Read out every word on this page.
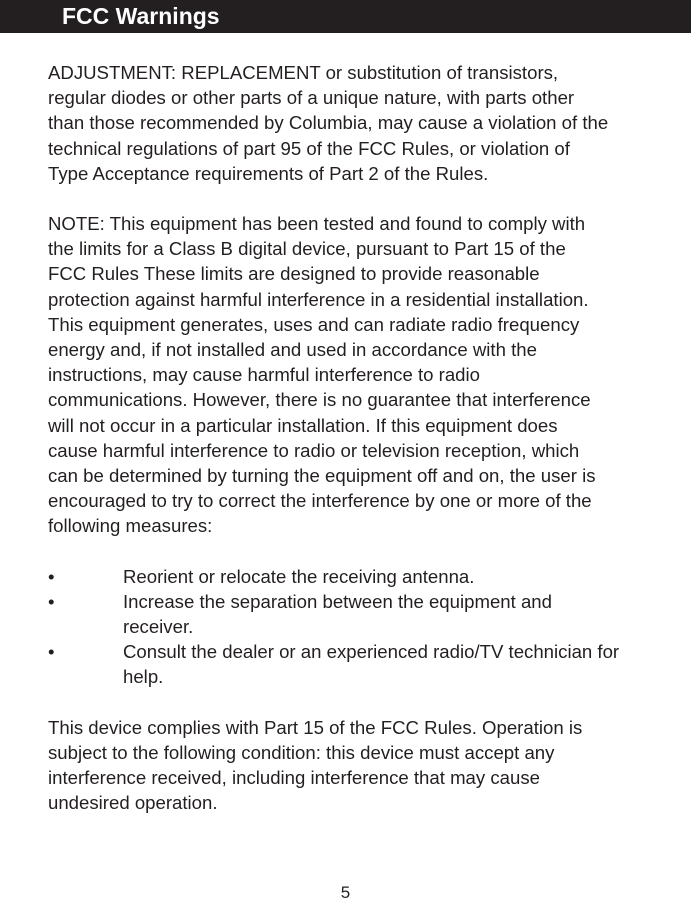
FCC Warnings

ADJUSTMENT: REPLACEMENT or substitution of transistors,
regular diodes or other parts of a unique nature, with parts other
than those recommended by Columbia, may cause a violation of the
technical regulations of part 95 of the FCC Rules, or violation of
Type Acceptance requirements of Part 2 of the Rules.

NOTE: This equipment has been tested and found to comply with
the limits for a Class B digital device, pursuant to Part 15 of the
FCC Rules These limits are designed to provide reasonable
protection against harmful interference in a residential installation.
This equipment generates, uses and can radiate radio frequency
energy and, if not installed and used in accordance with the
instructions, may cause harmful interference to radio
communications. However, there is no guarantee that interference
will not occur in a particular installation. If this equipment does
cause harmful interference to radio or television reception, which
can be determined by turning the equipment off and on, the user is
encouraged to try to correct the interference by one or more of the
following measures:

•	Reorient or relocate the receiving antenna.
•	Increase the separation between the equipment and
receiver.
•	Consult the dealer or an experienced radio/TV technician for
help.

This device complies with Part 15 of the FCC Rules. Operation is
subject to the following condition: this device must accept any
interference received, including interference that may cause
undesired operation.

5
